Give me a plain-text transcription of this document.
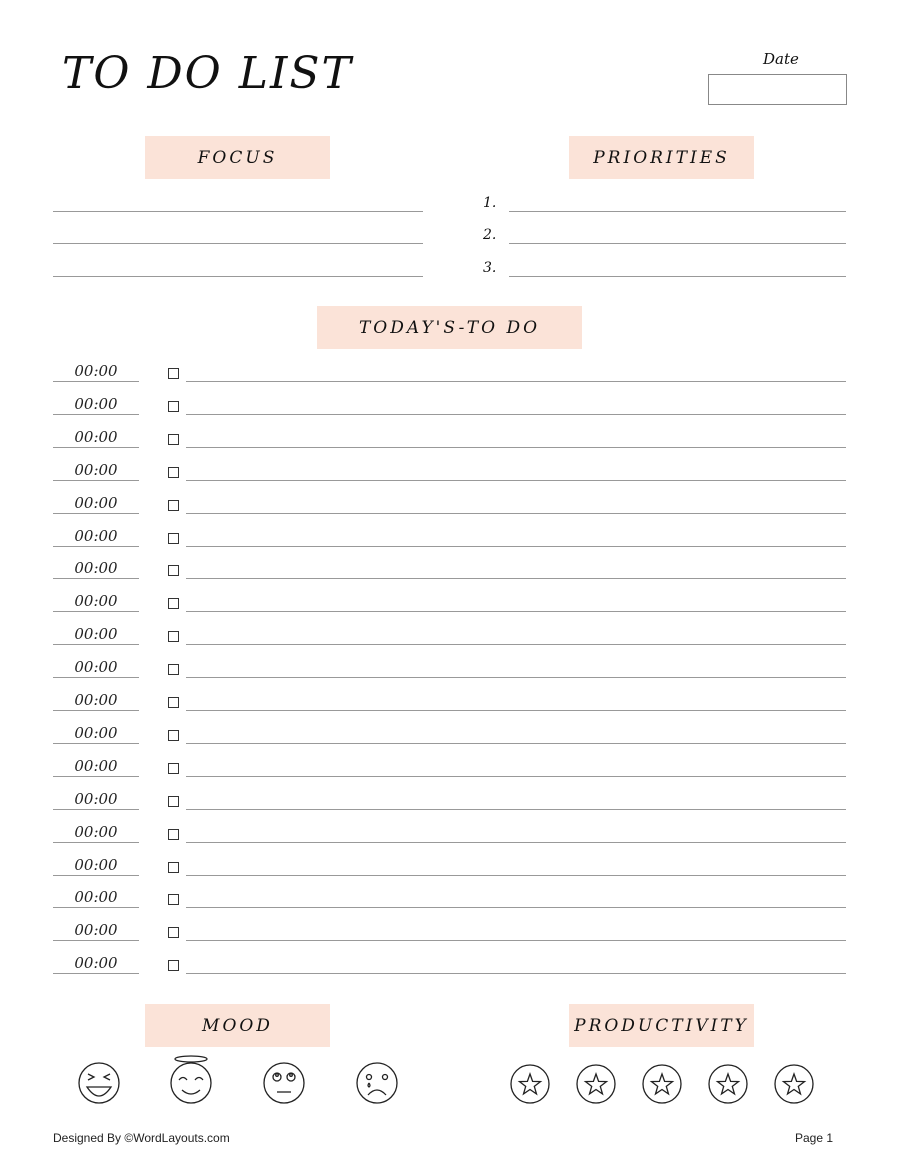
TO DO LIST	Date
FOCUS	PRIORITIES
TODAY'S-TO DO
MOOD	PRODUCTIVITY
Designed By ©WordLayouts.com	Page 1
1.
2.
3.
00:00
00:00
00:00
00:00
00:00
00:00
00:00
00:00
00:00
00:00
00:00
00:00
00:00
00:00
00:00
00:00
00:00
00:00
00:00
